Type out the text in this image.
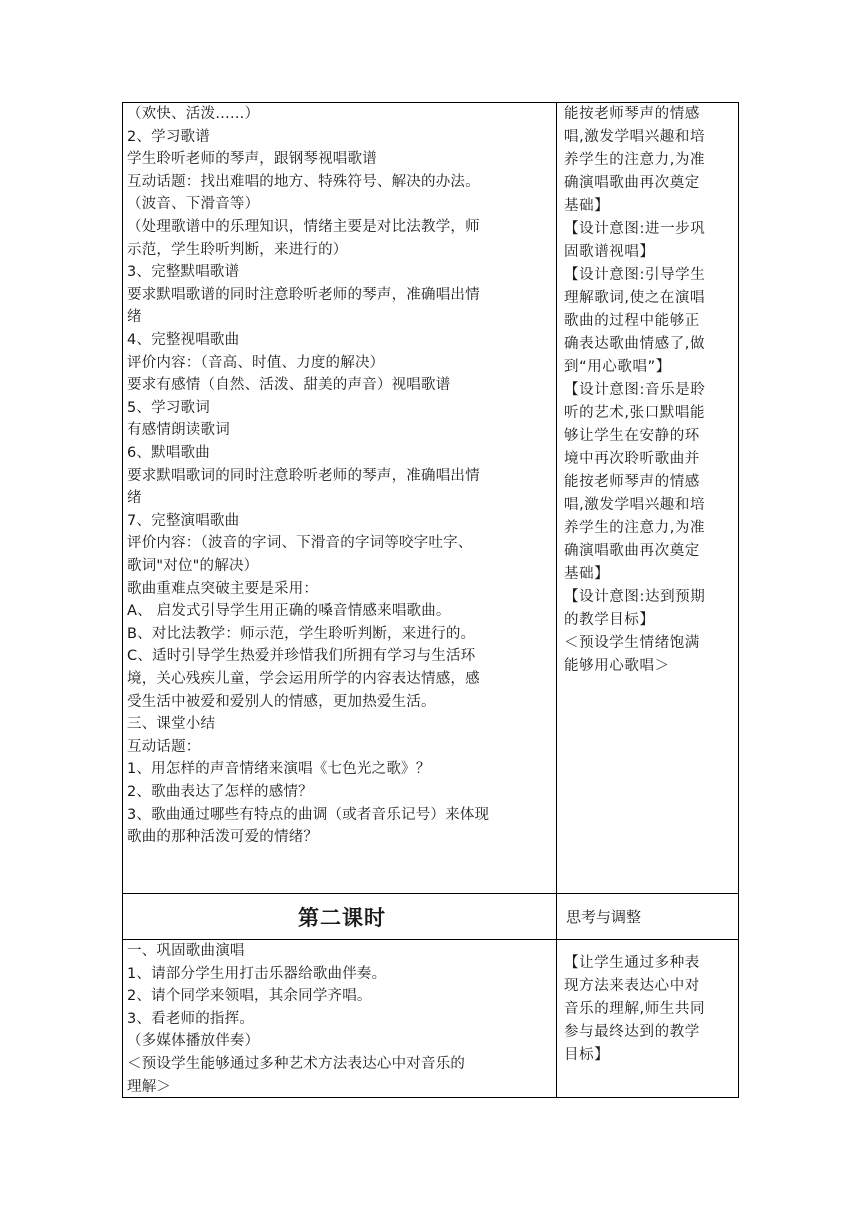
（欢快、活泼……）
2、学习歌谱
学生聆听老师的琴声，跟钢琴视唱歌谱
互动话题：找出难唱的地方、特殊符号、解决的办法。
（波音、下滑音等）
（处理歌谱中的乐理知识，情绪主要是对比法教学，师
示范，学生聆听判断，来进行的）
3、完整默唱歌谱
要求默唱歌谱的同时注意聆听老师的琴声，准确唱出情
绪
4、完整视唱歌曲
评价内容：（音高、时值、力度的解决）
要求有感情（自然、活泼、甜美的声音）视唱歌谱
5、学习歌词
有感情朗读歌词
6、默唱歌曲
要求默唱歌词的同时注意聆听老师的琴声，准确唱出情
绪
7、完整演唱歌曲
评价内容：（波音的字词、下滑音的字词等咬字吐字、
歌词"对位"的解决）
歌曲重难点突破主要是采用：
A、 启发式引导学生用正确的嗓音情感来唱歌曲。
B、对比法教学：师示范，学生聆听判断，来进行的。
C、适时引导学生热爱并珍惜我们所拥有学习与生活环
境，关心残疾儿童，学会运用所学的内容表达情感，感
受生活中被爱和爱别人的情感，更加热爱生活。
三、课堂小结
互动话题：
1、用怎样的声音情绪来演唱《七色光之歌》？
2、歌曲表达了怎样的感情？
3、歌曲通过哪些有特点的曲调（或者音乐记号）来体现
歌曲的那种活泼可爱的情绪？
能按老师琴声的情感
唱,激发学唱兴趣和培
养学生的注意力,为准
确演唱歌曲再次奠定
基础】
【设计意图:进一步巩
固歌谱视唱】
【设计意图:引导学生
理解歌词,使之在演唱
歌曲的过程中能够正
确表达歌曲情感了,做
到“用心歌唱”】
【设计意图:音乐是聆
听的艺术,张口默唱能
够让学生在安静的环
境中再次聆听歌曲并
能按老师琴声的情感
唱,激发学唱兴趣和培
养学生的注意力,为准
确演唱歌曲再次奠定
基础】
【设计意图:达到预期
的教学目标】
＜预设学生情绪饱满
能够用心歌唱＞
第二课时	思考与调整
一、巩固歌曲演唱
1、请部分学生用打击乐器给歌曲伴奏。
2、请个同学来领唱，其余同学齐唱。
3、看老师的指挥。
（多媒体播放伴奏）
＜预设学生能够通过多种艺术方法表达心中对音乐的
理解＞
【让学生通过多种表
现方法来表达心中对
音乐的理解,师生共同
参与最终达到的教学
目标】
